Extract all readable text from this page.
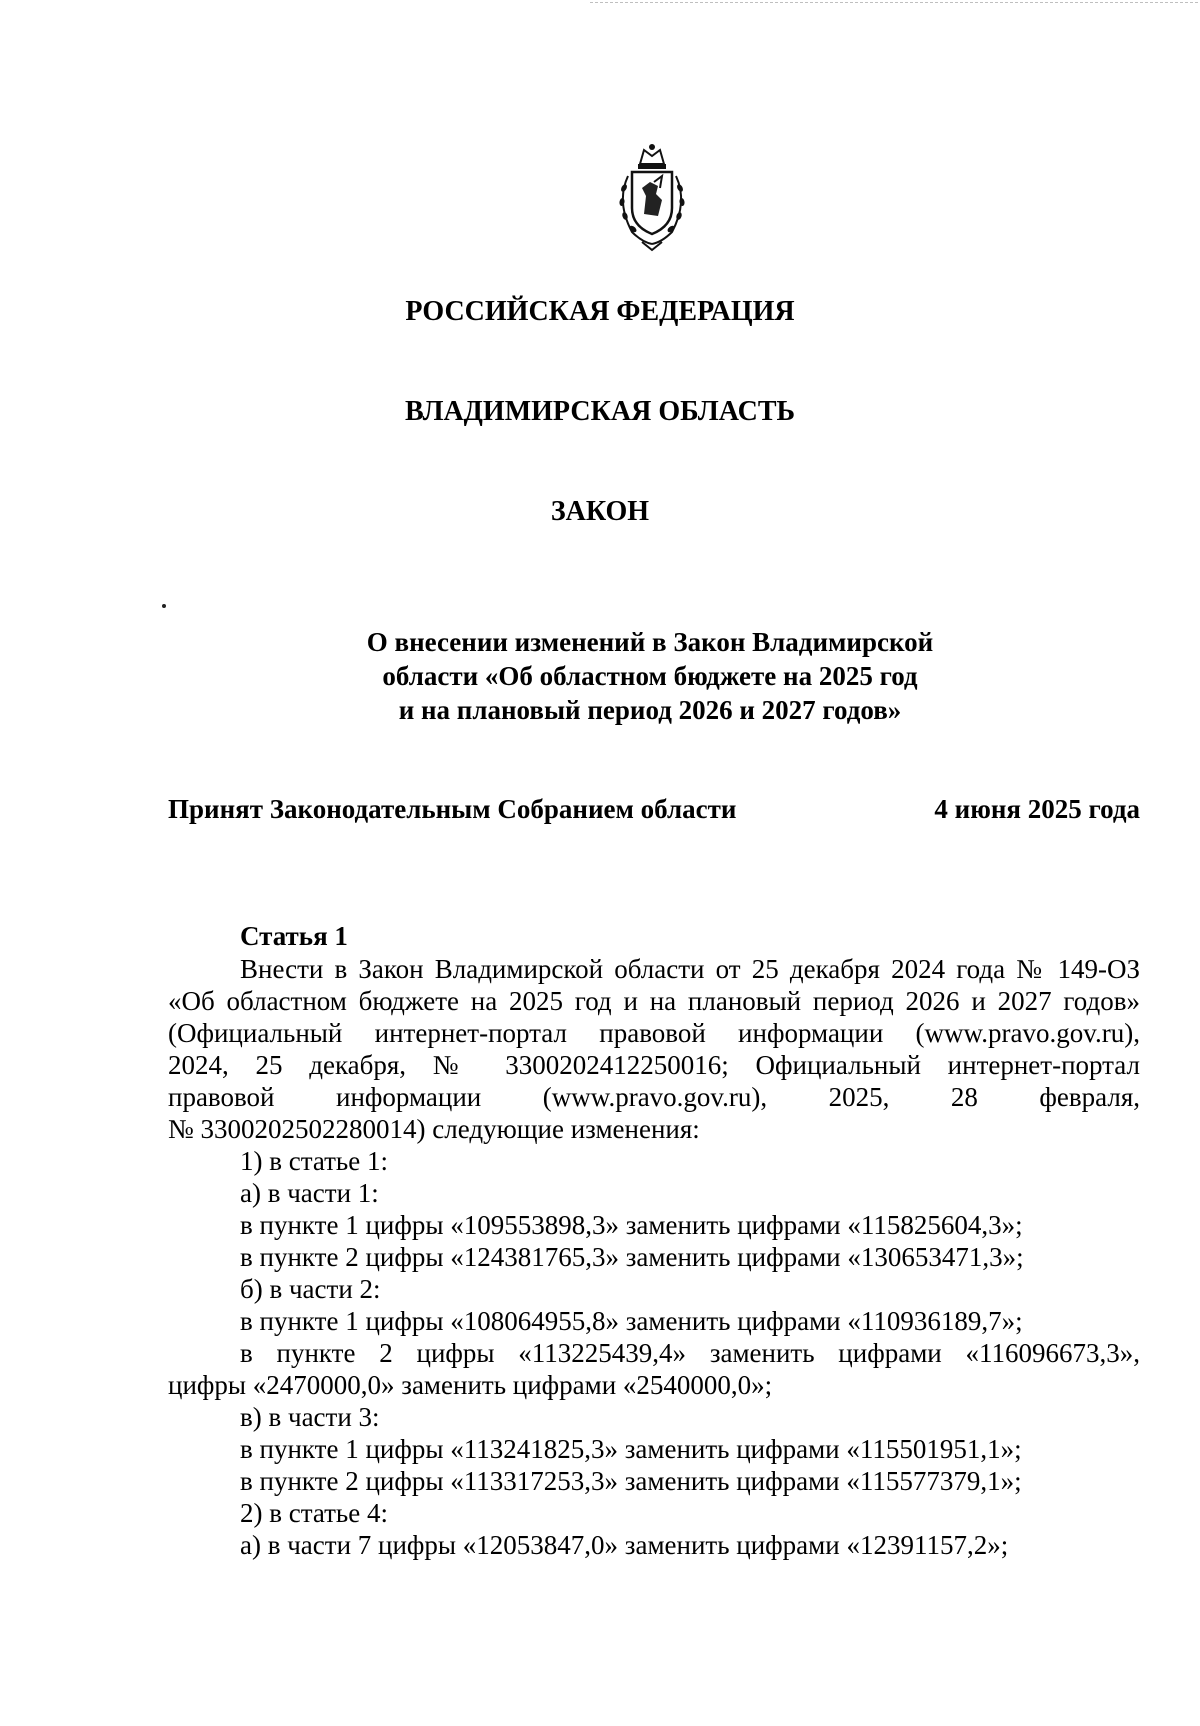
РОССИЙСКАЯ ФЕДЕРАЦИЯ
ВЛАДИМИРСКАЯ ОБЛАСТЬ
ЗАКОН
О внесении изменений в Закон Владимирской
области «Об областном бюджете на 2025 год
и на плановый период 2026 и 2027 годов»
Принят Законодательным Собранием области	4 июня 2025 года

Статья 1

Внести в Закон Владимирской области от 25 декабря 2024 года № 149-ОЗ

«Об областном бюджете на 2025 год и на плановый период 2026 и 2027 годов»

(Официальный интернет-портал правовой информации (www.pravo.gov.ru),

2024, 25 декабря, № 3300202412250016; Официальный интернет-портал

правовой информации (www.pravo.gov.ru), 2025, 28 февраля,

№ 3300202502280014) следующие изменения:

1) в статье 1:

а) в части 1:

в пункте 1 цифры «109553898,3» заменить цифрами «115825604,3»;

в пункте 2 цифры «124381765,3» заменить цифрами «130653471,3»;

б) в части 2:

в пункте 1 цифры «108064955,8» заменить цифрами «110936189,7»;

в пункте 2 цифры «113225439,4» заменить цифрами «116096673,3»,

цифры «2470000,0» заменить цифрами «2540000,0»;

в) в части 3:

в пункте 1 цифры «113241825,3» заменить цифрами «115501951,1»;

в пункте 2 цифры «113317253,3» заменить цифрами «115577379,1»;

2) в статье 4:

а) в части 7 цифры «12053847,0» заменить цифрами «12391157,2»;
